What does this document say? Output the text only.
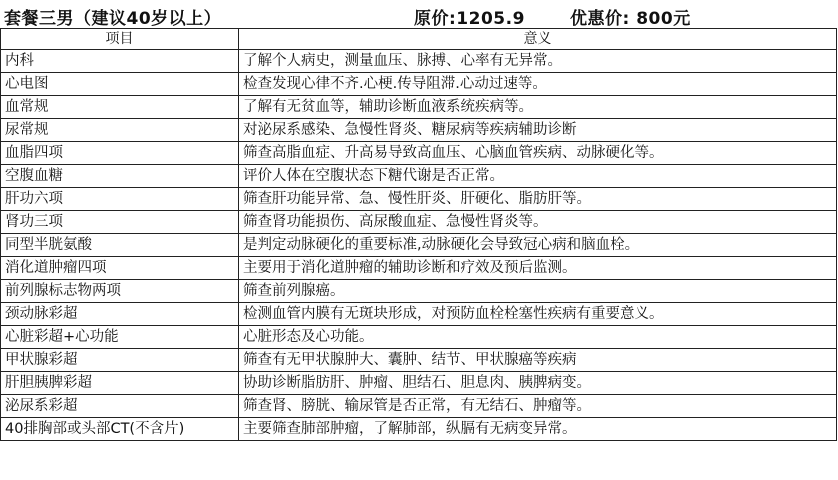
套餐三男（建议40岁以上）	原价:1205.9	优惠价: 800元
项目	意义
内科	了解个人病史，测量血压、脉搏、心率有无异常。
心电图	检查发现心律不齐.心梗.传导阻滞.心动过速等。
血常规	了解有无贫血等，辅助诊断血液系统疾病等。
尿常规	对泌尿系感染、急慢性肾炎、糖尿病等疾病辅助诊断
血脂四项	筛查高脂血症、升高易导致高血压、心脑血管疾病、动脉硬化等。
空腹血糖	评价人体在空腹状态下糖代谢是否正常。
肝功六项	筛查肝功能异常、急、慢性肝炎、肝硬化、脂肪肝等。
肾功三项	筛查肾功能损伤、高尿酸血症、急慢性肾炎等。
同型半胱氨酸	是判定动脉硬化的重要标准,动脉硬化会导致冠心病和脑血栓。
消化道肿瘤四项	主要用于消化道肿瘤的辅助诊断和疗效及预后监测。
前列腺标志物两项	筛查前列腺癌。
颈动脉彩超	检测血管内膜有无斑块形成，对预防血栓栓塞性疾病有重要意义。
心脏彩超+心功能	心脏形态及心功能。
甲状腺彩超	筛查有无甲状腺肿大、囊肿、结节、甲状腺癌等疾病
肝胆胰脾彩超	协助诊断脂肪肝、肿瘤、胆结石、胆息肉、胰脾病变。
泌尿系彩超	筛查肾、膀胱、输尿管是否正常，有无结石、肿瘤等。
40排胸部或头部CT(不含片)	主要筛查肺部肿瘤，了解肺部，纵膈有无病变异常。
